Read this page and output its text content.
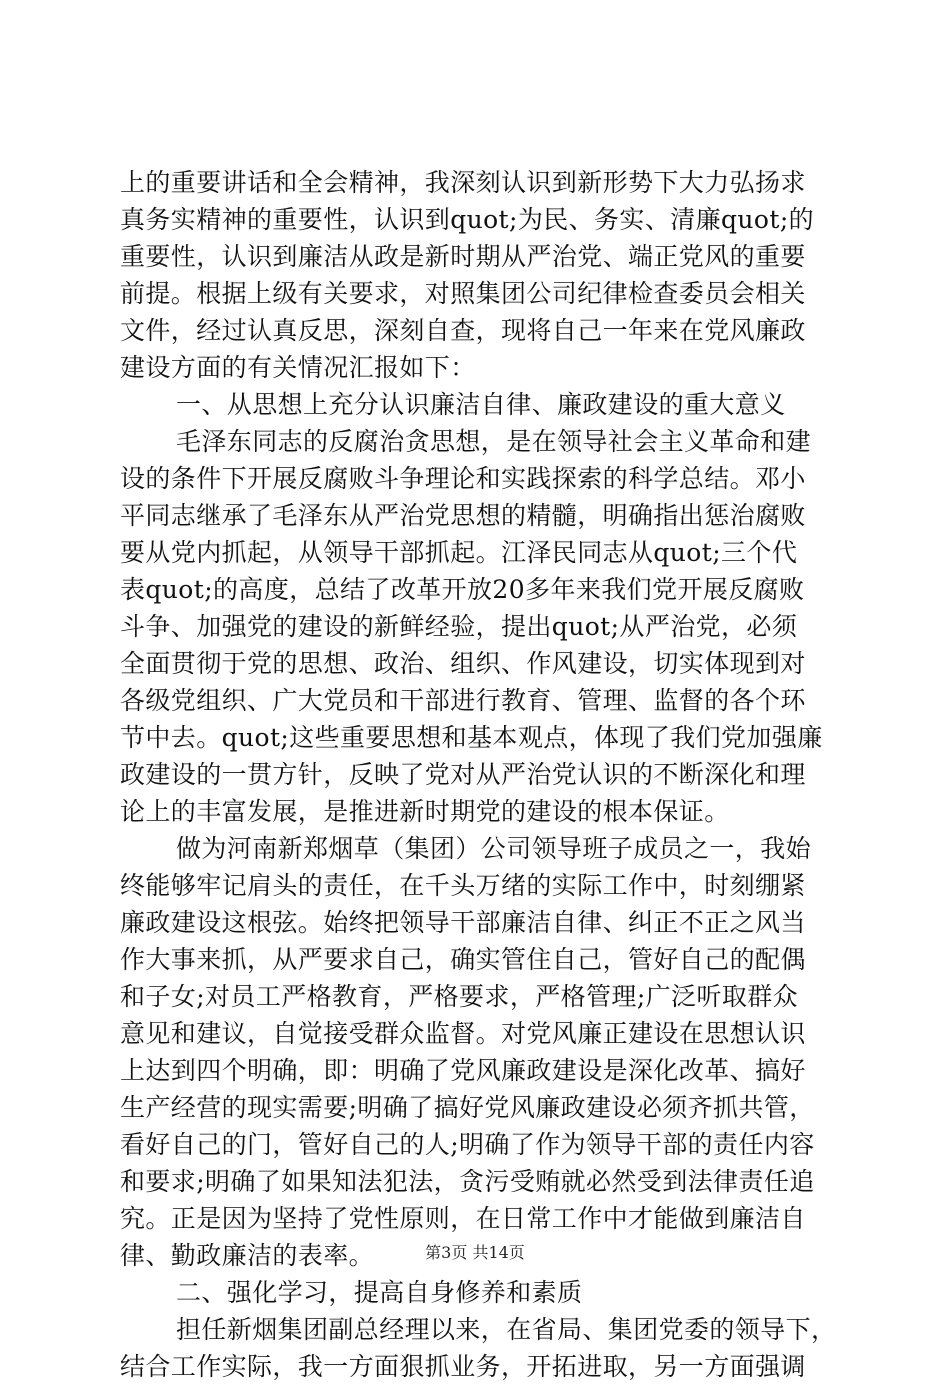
上的重要讲话和全会精神，我深刻认识到新形势下大力弘扬求
真务实精神的重要性，认识到quot;为民、务实、清廉quot;的
重要性，认识到廉洁从政是新时期从严治党、端正党风的重要
前提。根据上级有关要求，对照集团公司纪律检查委员会相关
文件，经过认真反思，深刻自查，现将自己一年来在党风廉政
建设方面的有关情况汇报如下：
一、从思想上充分认识廉洁自律、廉政建设的重大意义
毛泽东同志的反腐治贪思想，是在领导社会主义革命和建
设的条件下开展反腐败斗争理论和实践探索的科学总结。邓小
平同志继承了毛泽东从严治党思想的精髓，明确指出惩治腐败
要从党内抓起，从领导干部抓起。江泽民同志从quot;三个代
表quot;的高度，总结了改革开放20多年来我们党开展反腐败
斗争、加强党的建设的新鲜经验，提出quot;从严治党，必须
全面贯彻于党的思想、政治、组织、作风建设，切实体现到对
各级党组织、广大党员和干部进行教育、管理、监督的各个环
节中去。quot;这些重要思想和基本观点，体现了我们党加强廉
政建设的一贯方针，反映了党对从严治党认识的不断深化和理
论上的丰富发展，是推进新时期党的建设的根本保证。
做为河南新郑烟草（集团）公司领导班子成员之一，我始
终能够牢记肩头的责任，在千头万绪的实际工作中，时刻绷紧
廉政建设这根弦。始终把领导干部廉洁自律、纠正不正之风当
作大事来抓，从严要求自己，确实管住自己，管好自己的配偶
和子女;对员工严格教育，严格要求，严格管理;广泛听取群众
意见和建议，自觉接受群众监督。对党风廉正建设在思想认识
上达到四个明确，即：明确了党风廉政建设是深化改革、搞好
生产经营的现实需要;明确了搞好党风廉政建设必须齐抓共管，
看好自己的门，管好自己的人;明确了作为领导干部的责任内容
和要求;明确了如果知法犯法，贪污受贿就必然受到法律责任追
究。正是因为坚持了党性原则，在日常工作中才能做到廉洁自
律、勤政廉洁的表率。
二、强化学习，提高自身修养和素质
担任新烟集团副总经理以来，在省局、集团党委的领导下，
结合工作实际，我一方面狠抓业务，开拓进取，另一方面强调
第3页 共14页
